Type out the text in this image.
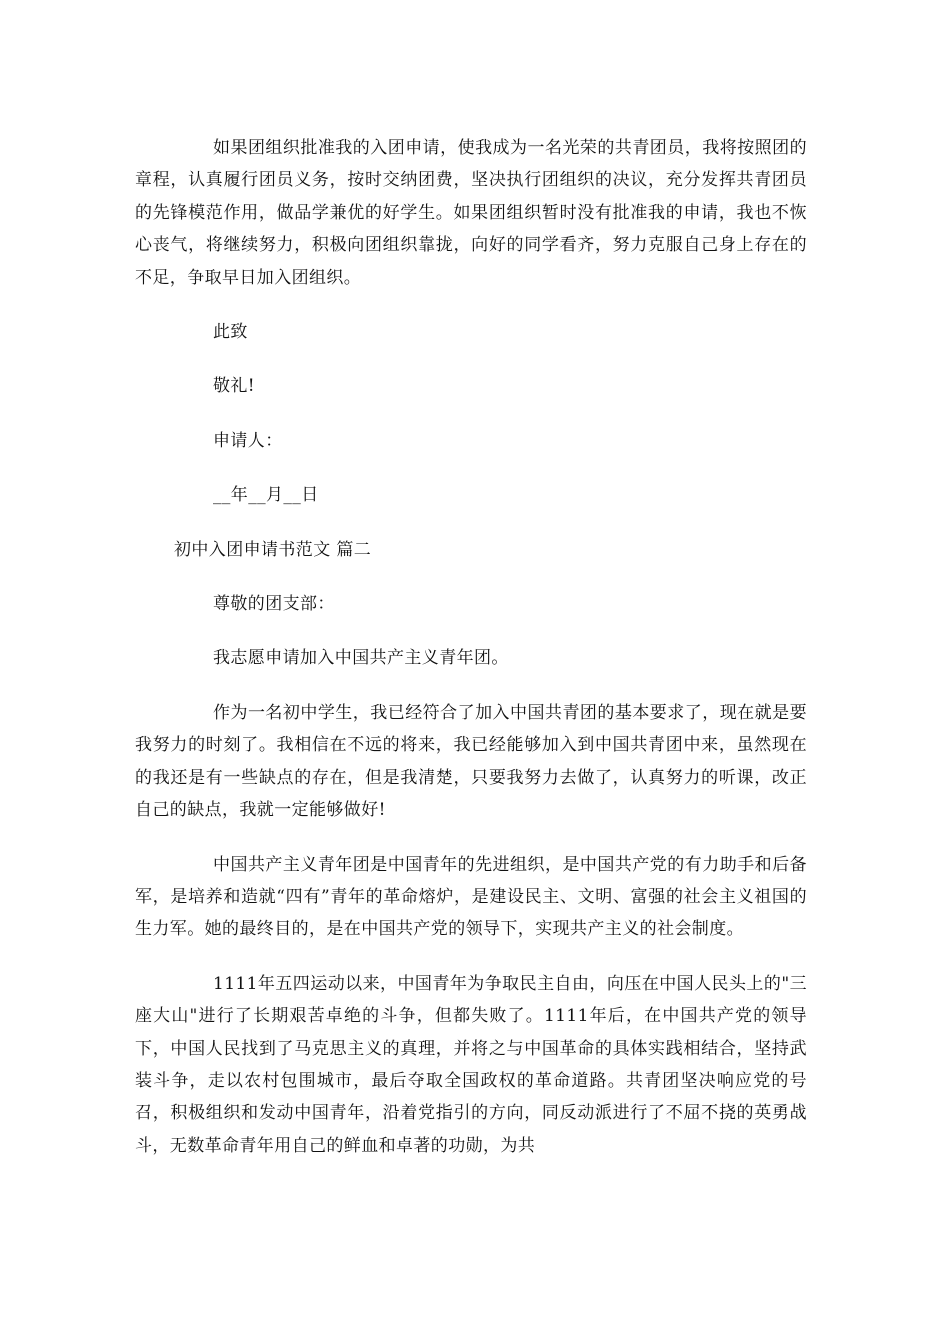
如果团组织批准我的入团申请，使我成为一名光荣的共青团员，我将按照团的章程，认真履行团员义务，按时交纳团费，坚决执行团组织的决议，充分发挥共青团员的先锋模范作用，做品学兼优的好学生。如果团组织暂时没有批准我的申请，我也不恢心丧气，将继续努力，积极向团组织靠拢，向好的同学看齐，努力克服自己身上存在的不足，争取早日加入团组织。

此致

敬礼!

申请人：

__年__月__日

初中入团申请书范文 篇二

尊敬的团支部：

我志愿申请加入中国共产主义青年团。

作为一名初中学生，我已经符合了加入中国共青团的基本要求了，现在就是要我努力的时刻了。我相信在不远的将来，我已经能够加入到中国共青团中来，虽然现在的我还是有一些缺点的存在，但是我清楚，只要我努力去做了，认真努力的听课，改正自己的缺点，我就一定能够做好!

中国共产主义青年团是中国青年的先进组织，是中国共产党的有力助手和后备军，是培养和造就“四有”青年的革命熔炉，是建设民主、文明、富强的社会主义祖国的生力军。她的最终目的，是在中国共产党的领导下，实现共产主义的社会制度。

1111年五四运动以来，中国青年为争取民主自由，向压在中国人民头上的"三座大山"进行了长期艰苦卓绝的斗争，但都失败了。1111年后，在中国共产党的领导下，中国人民找到了马克思主义的真理，并将之与中国革命的具体实践相结合，坚持武装斗争，走以农村包围城市，最后夺取全国政权的革命道路。共青团坚决响应党的号召，积极组织和发动中国青年，沿着党指引的方向，同反动派进行了不屈不挠的英勇战斗，无数革命青年用自己的鲜血和卓著的功勋，为共
